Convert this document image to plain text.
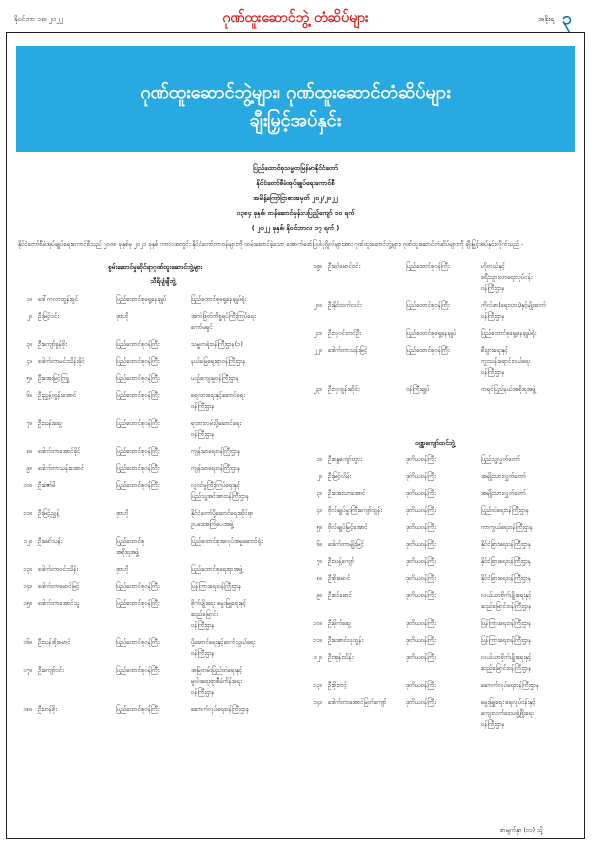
နိုဝင်ဘာ ၁၈၊ ၂၀၂၂	ဂုဏ်ထူးဆောင်ဘွဲ့ တံဆိပ်များ	အစိုးရ ၃
ဂုဏ်ထူးဆောင်ဘွဲ့များ၊ ဂုဏ်ထူးဆောင်တံဆိပ်များ
ချီးမြှင့်အပ်နှင်း
ပြည်ထောင်စုသမ္မတမြန်မာနိုင်ငံတော်
နိုင်ငံတော်စီမံအုပ်ချုပ်ရေးကောင်စီ
အမိန့်ကြော်ငြာစာအမှတ် ၂၀၂/၂၀၂၂
၁၃၈၄ ခုနှစ်၊ တန်ဆောင်မုန်းလပြည့်ကျော် ၁၀ ရက်
( ၂၀၂၂ ခုနှစ်၊ နိုဝင်ဘာလ ၁၇ ရက် )
နိုင်ငံတော်စီမံအုပ်ချုပ်ရေးကောင်စီသည် ၂၀၀၈ ခုနှစ်မှ ၂၀၂၁ ခုနှစ် ကာလအတွင်း နိုင်ငံတော်တာဝန်များကို ထမ်းဆောင်ခဲ့သော အောက်ဖော်ပြပါပုဂ္ဂိုလ်များအား ဂုဏ်ထူးဆောင်ဘွဲ့များ၊ ဂုဏ်ထူးဆောင်တံဆိပ်များကို ချီးမြှင့်အပ်နှင်းလိုက်သည် -
စွမ်းဆောင်မှုဆိုင်ရာဂုဏ်ထူးဆောင်ဘွဲ့များ
သီရိပျံချီဘွဲ့
၁။ ဒေါ်ကလာထွန်းရှင်	ပြည်ထောင်စုရှေ့နေချုပ်	ပြည်ထောင်စုရှေ့နေချုပ်ရုံး
၂။ ဦးမြင့်ဝင်း	ဒုဗဟို	အကဲဖြတ်ကိစ္စရပ်ကြီးကြပ်ရေး
ကော်မရှင်
၃။ ဦးကျော်ခွန်စိုး	ပြည်ထောင်စုဝန်ကြီး	သမ္မတရုံးဝန်ကြီးဌာန(၁)
၄။ ဒေါက်တာမင်းသိန်းခိုင်	ပြည်ထောင်စုဝန်ကြီး	နယ်မြေရေးရာဝန်ကြီးဌာန
၅။ ဦးအေးမြင့်ကြူ	ပြည်ထောင်စုဝန်ကြီး	ယဉ်ကျေးမှုဝန်ကြီးဌာန
၆။ ဦးညွှန့်ထွန်းအောင်	ပြည်ထောင်စုဝန်ကြီး	ရေလားရေးနှင့်ဆောင်ရေး
ဝန်ကြီးဌာန
၇။ ဦးသန်းဆွေ	ပြည်ထောင်စုဝန်ကြီး	ရထားလမ်းပို့ဆောင်ရေး
ဝန်ကြီးဌာန
၈။ ဒေါက်တာအောင်ခိုင်	ပြည်ထောင်စုဝန်ကြီး	ကျန်းမာရေးဝန်ကြီးဌာန
၉။ ဒေါက်တာသန်းအောင်	ပြည်ထောင်စုဝန်ကြီး	ကျန်းမာရေးဝန်ကြီးဌာန
၁၀။ ဦးဇော်မိ	ပြည်ထောင်စုဝန်ကြီး	လူဝင်မှုကြီးကြပ်ရေးနှင့်
ပြည်သူ့အင်အားဝန်ကြီးဌာန
၁၁။ ဦးမြင့်ညွှန့်	ဒုဗဟို	နိုင်ငံတော်ပို့ဆောင်ရေးဆိုင်ရာ
ဥပဒေအကြံပေးအဖွဲ့
၁၂။ ဦးမော်သန်း	ပြည်ထောင်စု	ပြည်ထောင်စုအလုပ်အမှုဆောင်ရုံး
အစိုးရအဖွဲ့
၁၃။ ဒေါက်တာဝင်းသိန်း	ဒုဗဟို	ပြည်ထောင်စုရေးရာအဖွဲ့
၁၄။ ဒေါက်တာမောင်မြင့်	ပြည်ထောင်စုဝန်ကြီး	ပြန်ကြားရေးဝန်ကြီးဌာန
၁၅။ ဒေါက်တာအောင်သူ	ပြည်ထောင်စုဝန်ကြီး	စိုက်ပျိုးရေး မွေးမြူရေးနှင့်
ဆည်မြောင်း
ဝန်ကြီးဌာန
၁၆။ ဦးသန်းစိုးမောင်	ပြည်ထောင်စုဝန်ကြီး	ပို့ဆောင်ရေးနှင့်ဆက်သွယ်ရေး
ဝန်ကြီးဌာန
၁၇။ ဦးကျော်ဝင်း	ပြည်ထောင်စုဝန်ကြီး	အမြဲတမ်းပြည်ထဲရေးနှင့်
မူဝါဒရေးရာစီမံကိန်းရေး
ဝန်ကြီးဌာန
၁၈။ ဦးဟန်စိုး	ပြည်ထောင်စုဝန်ကြီး	ဆောက်လုပ်ရေးဝန်ကြီးဌာန
၁၉။ ဦးခင်မောင်ဝင်း	ပြည်ထောင်စုဝန်ကြီး	ဟိုတယ်နှင့်
ခရီးသွားလာရေးလုပ်ငန်း
ဝန်ကြီးဌာန
၂၀။ ဦးနိုင်ထက်လင်း	ပြည်ထောင်စုဝန်ကြီး	ကိုလ်ဖာ(ရေးသား)နှင့်မျိုးဆက်
ဝန်ကြီးဌာန
၂၁။ ဦးလှဝင်းတင်ဦး	ပြည်ထောင်စုရှေ့နေချုပ်	ပြည်ထောင်စုရှေ့နေချုပ်ရုံး
၂၂။ ဒေါက်တာသန်းမြင့်	ပြည်ထောင်စုဝန်ကြီး	စီးပွားရေးနှင့်
ကူးသန်းရောင်းဝယ်ရေး
ဝန်ကြီးဌာန
၂၃။ ဦးလှထွန်းဆိုင်း	ဝန်ကြီးချုပ်	ကရင်ပြည်နယ်အစိုးရအဖွဲ့
ဝဏ္ဏကျော်ထင်ဘွဲ့
၁။ ဦးစန္ဒကျော်ထွား	ဒုတိယဝန်ကြီး	ပြည်သူ့လွှတ်တော်
၂။ ဦးမြင့်လိမ်း	ဒုတိယဝန်ကြီး	အမျိုးသားလွှတ်တော်
၃။ ဦးအေးသာအောင်	ဒုတိယဝန်ကြီး	အမျိုးသားလွှတ်တော်
၄။ ဗိုလ်ချုပ်မှူးကြီးကျော်ထွန်း	ဒုတိယဝန်ကြီး	ပြည်ထဲရေးဝန်ကြီးဌာန
၅။ ဗိုလ်ချုပ်မြင့်အောင်	ဒုတိယဝန်ကြီး	ကာကွယ်ရေးဝန်ကြီးဌာန
၆။ ဒေါက်တာမျိုးမြင့်	ဒုတိယဝန်ကြီး	နိုင်ငံခြားရေးဝန်ကြီးဌာန
၇။ ဦးသန့်ကျော်	ဒုတိယဝန်ကြီး	နိုင်ငံခြားရေးဝန်ကြီးဌာန
၈။ ဦးစိုးမောင်	ဒုတိယဝန်ကြီး	နိုင်ငံခြားရေးဝန်ကြီးဌာန
၉။ ဦးစင်မောင်	ဒုတိယဝန်ကြီး	လယ်ယာစိုက်ပျိုးရေးနှင့်
ဆည်မြောင်းဝန်ကြီးဌာန
၁၀။ ဦးမိုက်ဆွေ	ဒုတိယဝန်ကြီး	ပြန်ကြားရေးဝန်ကြီးဌာန
၁၁။ ဦးအောင်လှထွန်း	ဒုတိယဝန်ကြီး	ပြန်ကြားရေးဝန်ကြီးဌာန
၁၂။ ဦးအုန်းသိန်း	ဒုတိယဝန်ကြီး	လယ်ယာစိုက်ပျိုးရေးနှင့်
ဆည်မြောင်းဝန်ကြီးဌာန
၁၃။ ဦးစိုးတင့်	ဒုတိယဝန်ကြီး	ဆောက်လုပ်ရေးဝန်ကြီးဌာန
၁၄။ ဒေါက်တာအောင်မြတ်ကျော်	ဒုတိယဝန်ကြီး	မွေးမြူရေး ရေလုပ်ငန်းနှင့်
ကျေးလက်ဒေသဖွံ့ဖြိုးရေး
ဝန်ကြီးဌာန
စာမျက်နှာ (၁၁) သို့
